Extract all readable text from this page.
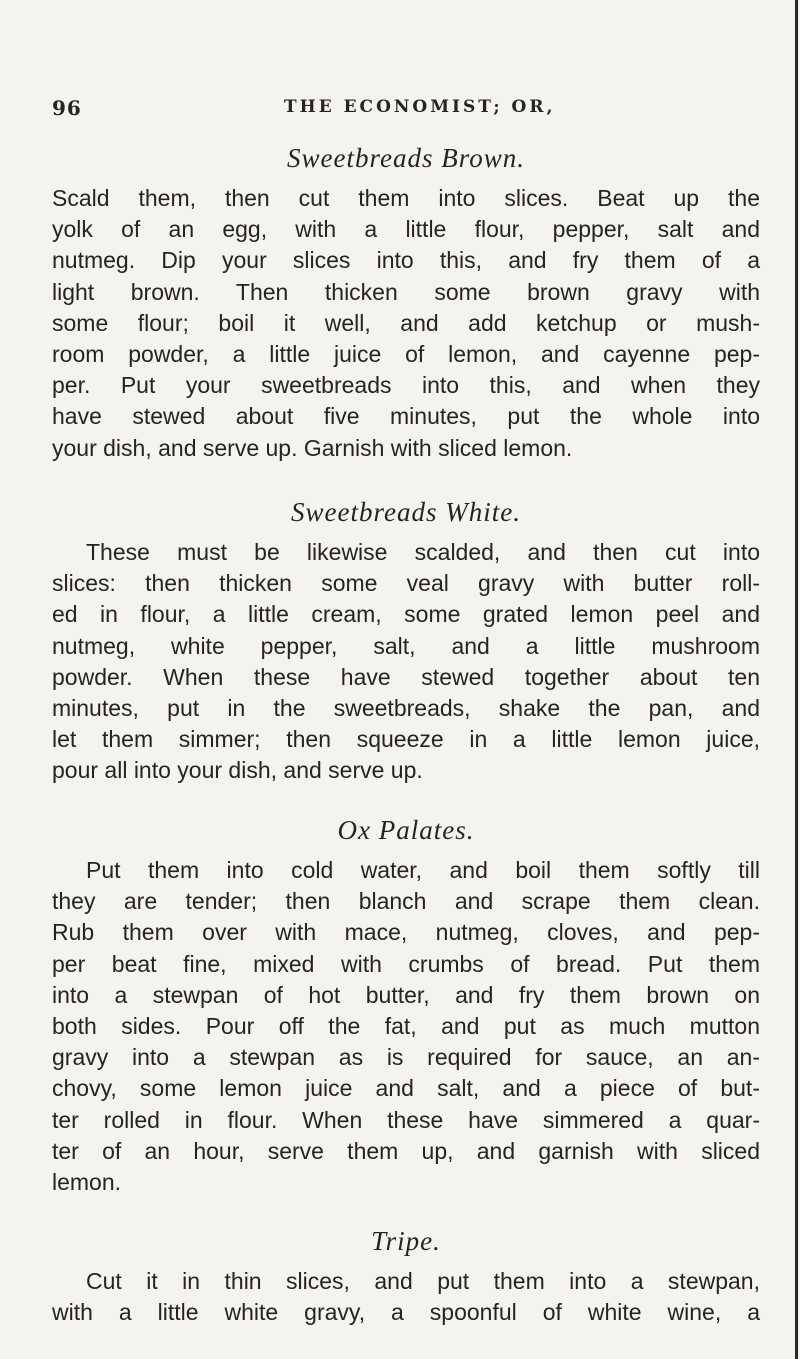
96	THE ECONOMIST; OR,
Sweetbreads Brown.
Scald them, then cut them into slices. Beat up the
yolk of an egg, with a little flour, pepper, salt and
nutmeg. Dip your slices into this, and fry them of a
light brown. Then thicken some brown gravy with
some flour; boil it well, and add ketchup or mush-
room powder, a little juice of lemon, and cayenne pep-
per. Put your sweetbreads into this, and when they
have stewed about five minutes, put the whole into
your dish, and serve up. Garnish with sliced lemon.
Sweetbreads White.
These must be likewise scalded, and then cut into
slices: then thicken some veal gravy with butter roll-
ed in flour, a little cream, some grated lemon peel and
nutmeg, white pepper, salt, and a little mushroom
powder. When these have stewed together about ten
minutes, put in the sweetbreads, shake the pan, and
let them simmer; then squeeze in a little lemon juice,
pour all into your dish, and serve up.
Ox Palates.
Put them into cold water, and boil them softly till
they are tender; then blanch and scrape them clean.
Rub them over with mace, nutmeg, cloves, and pep-
per beat fine, mixed with crumbs of bread. Put them
into a stewpan of hot butter, and fry them brown on
both sides. Pour off the fat, and put as much mutton
gravy into a stewpan as is required for sauce, an an-
chovy, some lemon juice and salt, and a piece of but-
ter rolled in flour. When these have simmered a quar-
ter of an hour, serve them up, and garnish with sliced
lemon.
Tripe.
Cut it in thin slices, and put them into a stewpan,
with a little white gravy, a spoonful of white wine, a
